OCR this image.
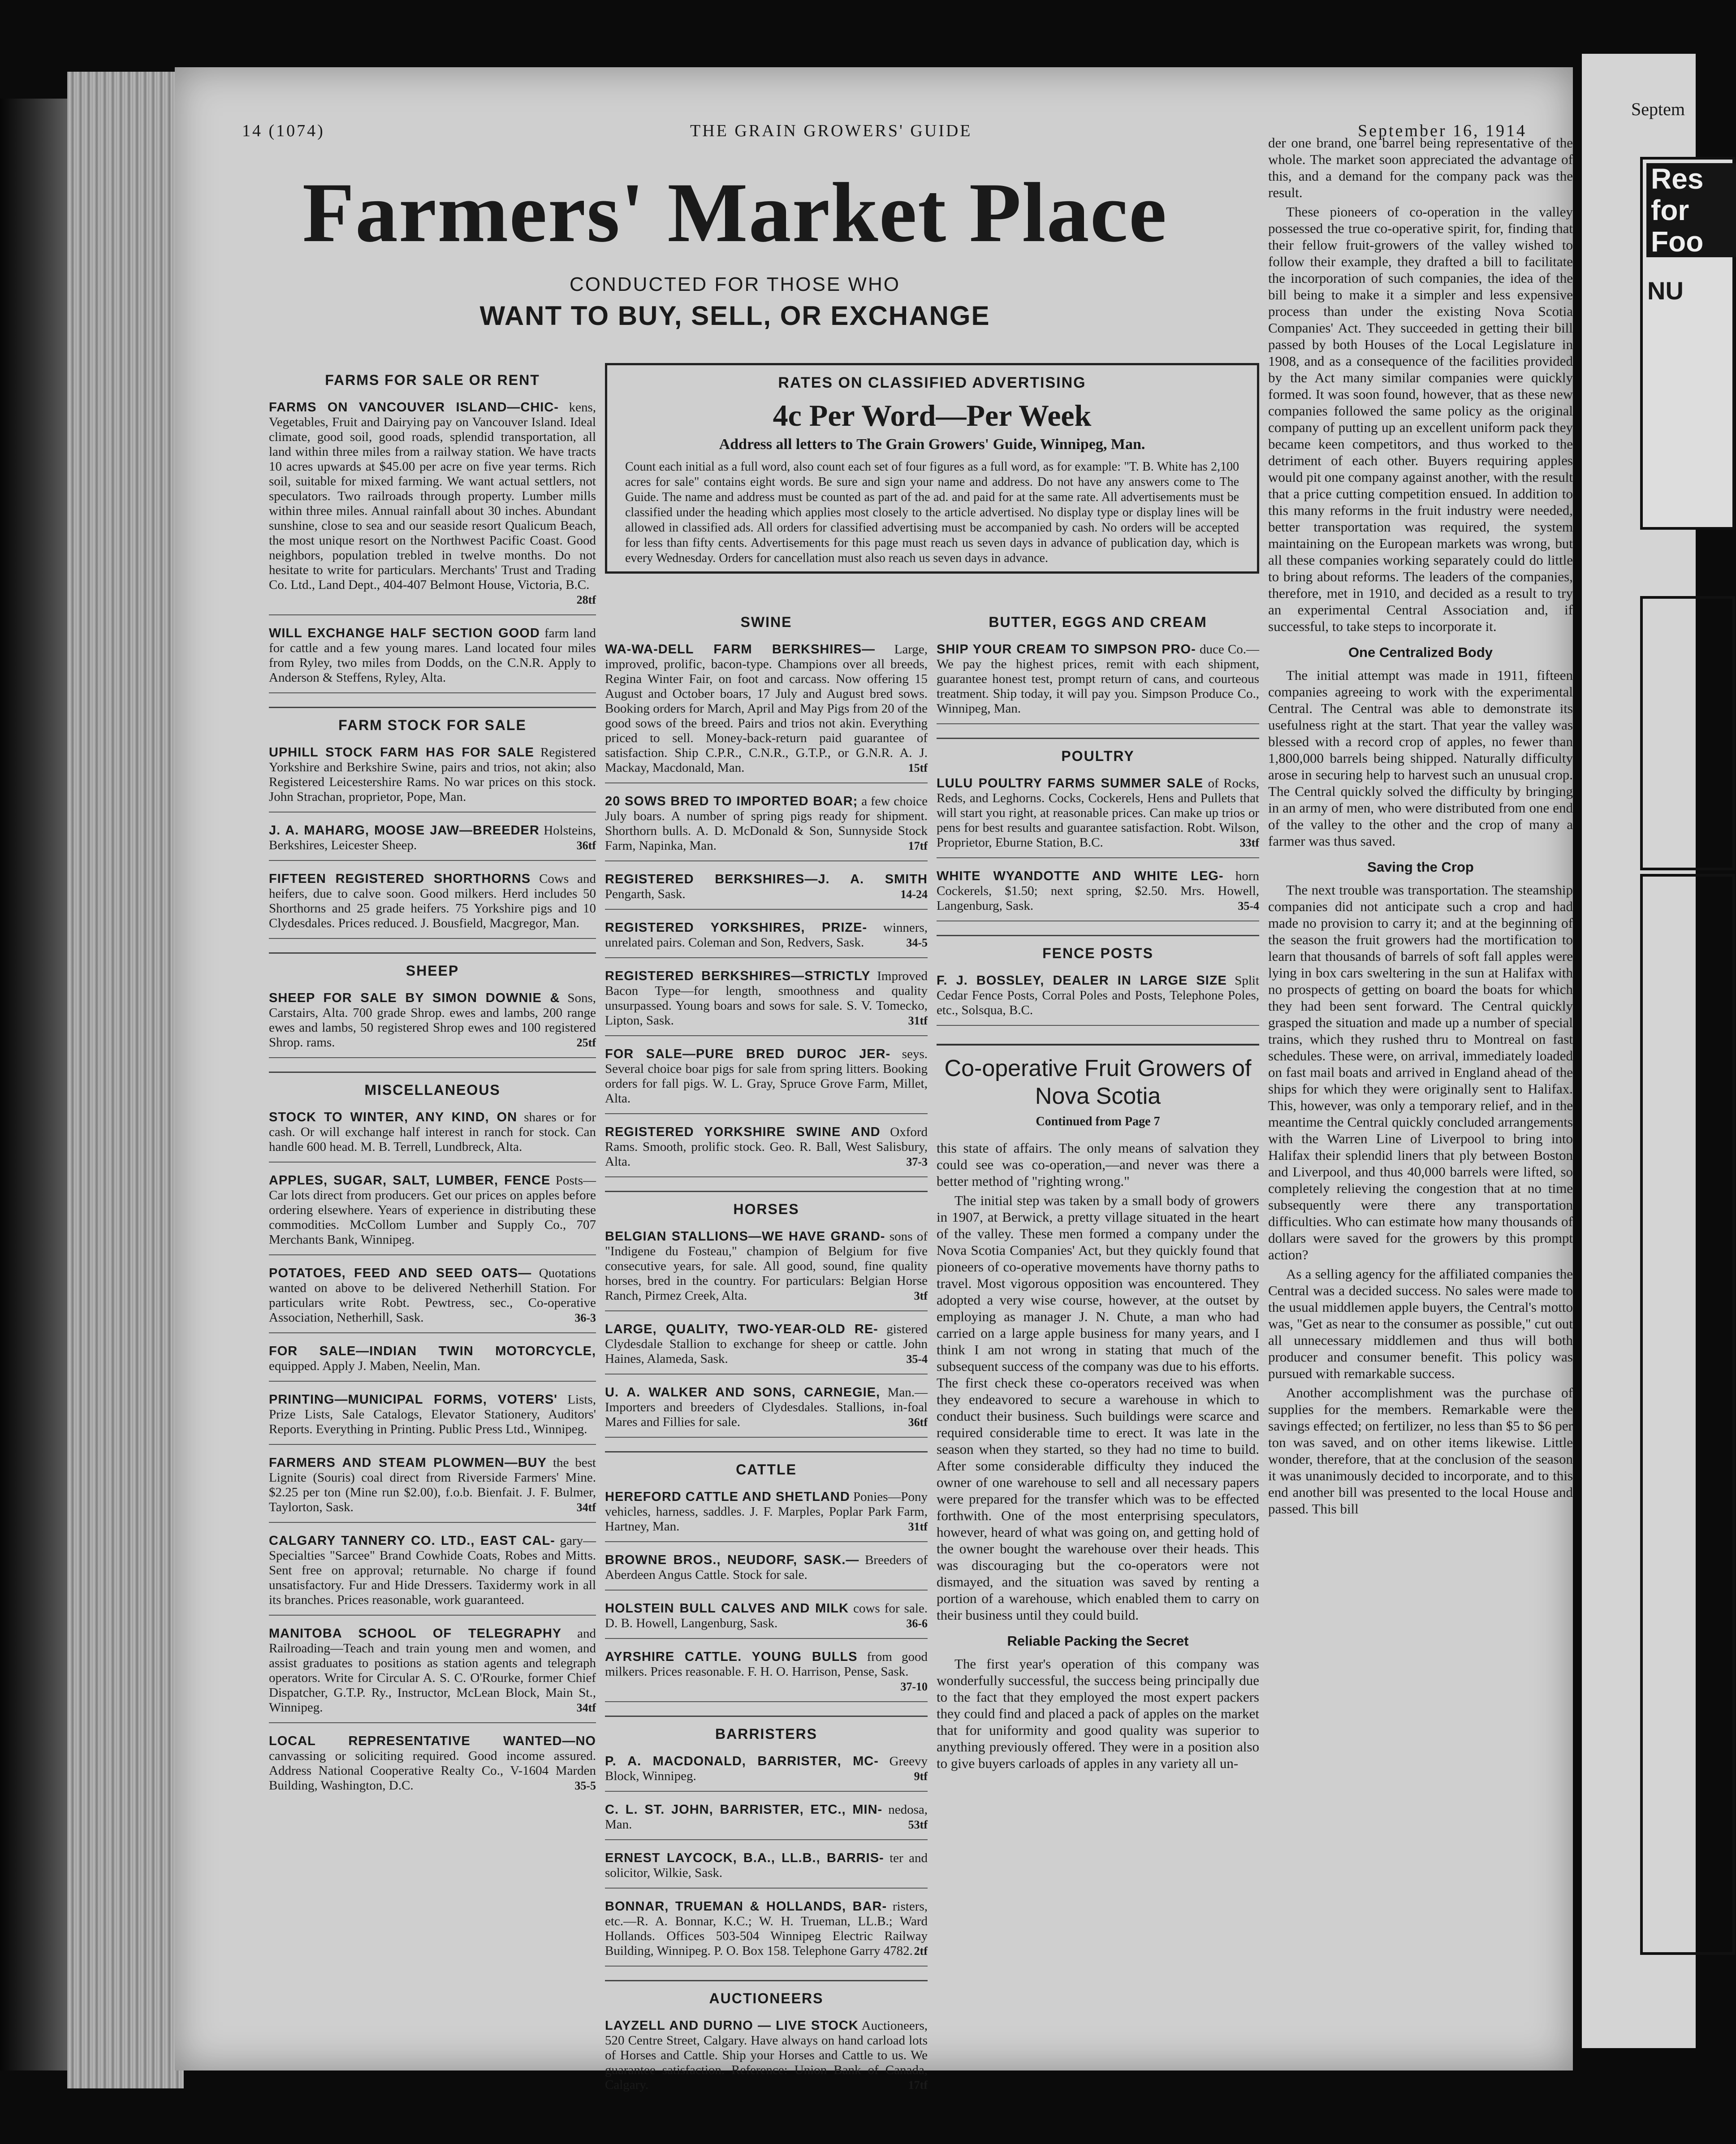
Septem
Res
for
Foo
NU
14 (1074)	THE GRAIN GROWERS' GUIDE	September 16, 1914
Farmers' Market Place
CONDUCTED FOR THOSE WHO
WANT TO BUY, SELL, OR EXCHANGE
RATES ON CLASSIFIED ADVERTISING
4c Per Word—Per Week
Address all letters to The Grain Growers' Guide, Winnipeg, Man.
Count each initial as a full word, also count each set of four figures as a full word, as for example: "T. B. White has 2,100 acres for sale" contains eight words. Be sure and sign your name and address. Do not have any answers come to The Guide. The name and address must be counted as part of the ad. and paid for at the same rate. All advertisements must be classified under the heading which applies most closely to the article advertised. No display type or display lines will be allowed in classified ads. All orders for classified advertising must be accompanied by cash. No orders will be accepted for less than fifty cents. Advertisements for this page must reach us seven days in advance of publication day, which is every Wednesday. Orders for cancellation must also reach us seven days in advance.
FARMS FOR SALE OR RENT
FARMS ON VANCOUVER ISLAND—CHIC- kens, Vegetables, Fruit and Dairying pay on Vancouver Island. Ideal climate, good soil, good roads, splendid transportation, all land within three miles from a railway station. We have tracts 10 acres upwards at $45.00 per acre on five year terms. Rich soil, suitable for mixed farming. We want actual settlers, not speculators. Two railroads through property. Lumber mills within three miles. Annual rainfall about 30 inches. Abundant sunshine, close to sea and our seaside resort Qualicum Beach, the most unique resort on the Northwest Pacific Coast. Good neighbors, population trebled in twelve months. Do not hesitate to write for particulars. Merchants' Trust and Trading Co. Ltd., Land Dept., 404-407 Belmont House, Victoria, B.C.
28tf
WILL EXCHANGE HALF SECTION GOOD farm land for cattle and a few young mares. Land located four miles from Ryley, two miles from Dodds, on the C.N.R. Apply to Anderson & Steffens, Ryley, Alta.
FARM STOCK FOR SALE
UPHILL STOCK FARM HAS FOR SALE Registered Yorkshire and Berkshire Swine, pairs and trios, not akin; also Registered Leicestershire Rams. No war prices on this stock. John Strachan, proprietor, Pope, Man.
J. A. MAHARG, MOOSE JAW—BREEDER Holsteins, Berkshires, Leicester Sheep.	36tf
FIFTEEN REGISTERED SHORTHORNS Cows and heifers, due to calve soon. Good milkers. Herd includes 50 Shorthorns and 25 grade heifers. 75 Yorkshire pigs and 10 Clydesdales. Prices reduced. J. Bousfield, Macgregor, Man.
SHEEP
SHEEP FOR SALE BY SIMON DOWNIE & Sons, Carstairs, Alta. 700 grade Shrop. ewes and lambs, 200 range ewes and lambs, 50 registered Shrop ewes and 100 registered Shrop. rams.	25tf
MISCELLANEOUS
STOCK TO WINTER, ANY KIND, ON shares or for cash. Or will exchange half interest in ranch for stock. Can handle 600 head. M. B. Terrell, Lundbreck, Alta.
APPLES, SUGAR, SALT, LUMBER, FENCE Posts—Car lots direct from producers. Get our prices on apples before ordering elsewhere. Years of experience in distributing these commodities. McCollom Lumber and Supply Co., 707 Merchants Bank, Winnipeg.
POTATOES, FEED AND SEED OATS— Quotations wanted on above to be delivered Netherhill Station. For particulars write Robt. Pewtress, sec., Co-operative Association, Netherhill, Sask.	36-3
FOR SALE—INDIAN TWIN MOTORCYCLE, equipped. Apply J. Maben, Neelin, Man.
PRINTING—MUNICIPAL FORMS, VOTERS' Lists, Prize Lists, Sale Catalogs, Elevator Stationery, Auditors' Reports. Everything in Printing. Public Press Ltd., Winnipeg.
FARMERS AND STEAM PLOWMEN—BUY the best Lignite (Souris) coal direct from Riverside Farmers' Mine. $2.25 per ton (Mine run $2.00), f.o.b. Bienfait. J. F. Bulmer, Taylorton, Sask.	34tf
CALGARY TANNERY CO. LTD., EAST CAL- gary—Specialties "Sarcee" Brand Cowhide Coats, Robes and Mitts. Sent free on approval; returnable. No charge if found unsatisfactory. Fur and Hide Dressers. Taxidermy work in all its branches. Prices reasonable, work guaranteed.
MANITOBA SCHOOL OF TELEGRAPHY and Railroading—Teach and train young men and women, and assist graduates to positions as station agents and telegraph operators. Write for Circular A. S. C. O'Rourke, former Chief Dispatcher, G.T.P. Ry., Instructor, McLean Block, Main St., Winnipeg.	34tf
LOCAL REPRESENTATIVE WANTED—NO canvassing or soliciting required. Good income assured. Address National Cooperative Realty Co., V-1604 Marden Building, Washington, D.C.	35-5
SWINE
WA-WA-DELL FARM BERKSHIRES— Large, improved, prolific, bacon-type. Champions over all breeds, Regina Winter Fair, on foot and carcass. Now offering 15 August and October boars, 17 July and August bred sows. Booking orders for March, April and May Pigs from 20 of the good sows of the breed. Pairs and trios not akin. Everything priced to sell. Money-back-return paid guarantee of satisfaction. Ship C.P.R., C.N.R., G.T.P., or G.N.R. A. J. Mackay, Macdonald, Man.	15tf
20 SOWS BRED TO IMPORTED BOAR; a few choice July boars. A number of spring pigs ready for shipment. Shorthorn bulls. A. D. McDonald & Son, Sunnyside Stock Farm, Napinka, Man.	17tf
REGISTERED BERKSHIRES—J. A. SMITH Pengarth, Sask.	14-24
REGISTERED YORKSHIRES, PRIZE- winners, unrelated pairs. Coleman and Son, Redvers, Sask.	34-5
REGISTERED BERKSHIRES—STRICTLY Improved Bacon Type—for length, smoothness and quality unsurpassed. Young boars and sows for sale. S. V. Tomecko, Lipton, Sask.	31tf
FOR SALE—PURE BRED DUROC JER- seys. Several choice boar pigs for sale from spring litters. Booking orders for fall pigs. W. L. Gray, Spruce Grove Farm, Millet, Alta.
REGISTERED YORKSHIRE SWINE AND Oxford Rams. Smooth, prolific stock. Geo. R. Ball, West Salisbury, Alta.	37-3
HORSES
BELGIAN STALLIONS—WE HAVE GRAND- sons of "Indigene du Fosteau," champion of Belgium for five consecutive years, for sale. All good, sound, fine quality horses, bred in the country. For particulars: Belgian Horse Ranch, Pirmez Creek, Alta.	3tf
LARGE, QUALITY, TWO-YEAR-OLD RE- gistered Clydesdale Stallion to exchange for sheep or cattle. John Haines, Alameda, Sask.	35-4
U. A. WALKER AND SONS, CARNEGIE, Man.—Importers and breeders of Clydesdales. Stallions, in-foal Mares and Fillies for sale.	36tf
CATTLE
HEREFORD CATTLE AND SHETLAND Ponies—Pony vehicles, harness, saddles. J. F. Marples, Poplar Park Farm, Hartney, Man.	31tf
BROWNE BROS., NEUDORF, SASK.— Breeders of Aberdeen Angus Cattle. Stock for sale.
HOLSTEIN BULL CALVES AND MILK cows for sale. D. B. Howell, Langenburg, Sask.	36-6
AYRSHIRE CATTLE. YOUNG BULLS from good milkers. Prices reasonable. F. H. O. Harrison, Pense, Sask.
37-10
BARRISTERS
P. A. MACDONALD, BARRISTER, MC- Greevy Block, Winnipeg.	9tf
C. L. ST. JOHN, BARRISTER, ETC., MIN- nedosa, Man.	53tf
ERNEST LAYCOCK, B.A., LL.B., BARRIS- ter and solicitor, Wilkie, Sask.
BONNAR, TRUEMAN & HOLLANDS, BAR- risters, etc.—R. A. Bonnar, K.C.; W. H. Trueman, LL.B.; Ward Hollands. Offices 503-504 Winnipeg Electric Railway Building, Winnipeg. P. O. Box 158. Telephone Garry 4782. 2tf
AUCTIONEERS
LAYZELL AND DURNO — LIVE STOCK Auctioneers, 520 Centre Street, Calgary. Have always on hand carload lots of Horses and Cattle. Ship your Horses and Cattle to us. We guarantee satisfaction. Reference: Union Bank of Canada, Calgary.	17tf
BUTTER, EGGS AND CREAM
SHIP YOUR CREAM TO SIMPSON PRO- duce Co.—We pay the highest prices, remit with each shipment, guarantee honest test, prompt return of cans, and courteous treatment. Ship today, it will pay you. Simpson Produce Co., Winnipeg, Man.
POULTRY
LULU POULTRY FARMS SUMMER SALE of Rocks, Reds, and Leghorns. Cocks, Cockerels, Hens and Pullets that will start you right, at reasonable prices. Can make up trios or pens for best results and guarantee satisfaction. Robt. Wilson, Proprietor, Eburne Station, B.C.	33tf
WHITE WYANDOTTE AND WHITE LEG- horn Cockerels, $1.50; next spring, $2.50. Mrs. Howell, Langenburg, Sask.	35-4
FENCE POSTS
F. J. BOSSLEY, DEALER IN LARGE SIZE Split Cedar Fence Posts, Corral Poles and Posts, Telephone Poles, etc., Solsqua, B.C.
Co-operative Fruit Growers of Nova Scotia
Continued from Page 7

this state of affairs. The only means of salvation they could see was co-operation,—and never was there a better method of "righting wrong."

The initial step was taken by a small body of growers in 1907, at Berwick, a pretty village situated in the heart of the valley. These men formed a company under the Nova Scotia Companies' Act, but they quickly found that pioneers of co-operative movements have thorny paths to travel. Most vigorous opposition was encountered. They adopted a very wise course, however, at the outset by employing as manager J. N. Chute, a man who had carried on a large apple business for many years, and I think I am not wrong in stating that much of the subsequent success of the company was due to his efforts. The first check these co-operators received was when they endeavored to secure a warehouse in which to conduct their business. Such buildings were scarce and required considerable time to erect. It was late in the season when they started, so they had no time to build. After some considerable difficulty they induced the owner of one warehouse to sell and all necessary papers were prepared for the transfer which was to be effected forthwith. One of the most enterprising speculators, however, heard of what was going on, and getting hold of the owner bought the warehouse over their heads. This was discouraging but the co-operators were not dismayed, and the situation was saved by renting a portion of a warehouse, which enabled them to carry on their business until they could build.

Reliable Packing the Secret

The first year's operation of this company was wonderfully successful, the success being principally due to the fact that they employed the most expert packers they could find and placed a pack of apples on the market that for uniformity and good quality was superior to anything previously offered. They were in a position also to give buyers carloads of apples in any variety all un-

der one brand, one barrel being representative of the whole. The market soon appreciated the advantage of this, and a demand for the company pack was the result.

These pioneers of co-operation in the valley possessed the true co-operative spirit, for, finding that their fellow fruit-growers of the valley wished to follow their example, they drafted a bill to facilitate the incorporation of such companies, the idea of the bill being to make it a simpler and less expensive process than under the existing Nova Scotia Companies' Act. They succeeded in getting their bill passed by both Houses of the Local Legislature in 1908, and as a consequence of the facilities provided by the Act many similar companies were quickly formed. It was soon found, however, that as these new companies followed the same policy as the original company of putting up an excellent uniform pack they became keen competitors, and thus worked to the detriment of each other. Buyers requiring apples would pit one company against another, with the result that a price cutting competition ensued. In addition to this many reforms in the fruit industry were needed, better transportation was required, the system maintaining on the European markets was wrong, but all these companies working separately could do little to bring about reforms. The leaders of the companies, therefore, met in 1910, and decided as a result to try an experimental Central Association and, if successful, to take steps to incorporate it.

One Centralized Body

The initial attempt was made in 1911, fifteen companies agreeing to work with the experimental Central. The Central was able to demonstrate its usefulness right at the start. That year the valley was blessed with a record crop of apples, no fewer than 1,800,000 barrels being shipped. Naturally difficulty arose in securing help to harvest such an unusual crop. The Central quickly solved the difficulty by bringing in an army of men, who were distributed from one end of the valley to the other and the crop of many a farmer was thus saved.

Saving the Crop

The next trouble was transportation. The steamship companies did not anticipate such a crop and had made no provision to carry it; and at the beginning of the season the fruit growers had the mortification to learn that thousands of barrels of soft fall apples were lying in box cars sweltering in the sun at Halifax with no prospects of getting on board the boats for which they had been sent forward. The Central quickly grasped the situation and made up a number of special trains, which they rushed thru to Montreal on fast schedules. These were, on arrival, immediately loaded on fast mail boats and arrived in England ahead of the ships for which they were originally sent to Halifax. This, however, was only a temporary relief, and in the meantime the Central quickly concluded arrangements with the Warren Line of Liverpool to bring into Halifax their splendid liners that ply between Boston and Liverpool, and thus 40,000 barrels were lifted, so completely relieving the congestion that at no time subsequently were there any transportation difficulties. Who can estimate how many thousands of dollars were saved for the growers by this prompt action?

As a selling agency for the affiliated companies the Central was a decided success. No sales were made to the usual middlemen apple buyers, the Central's motto was, "Get as near to the consumer as possible," cut out all unnecessary middlemen and thus will both producer and consumer benefit. This policy was pursued with remarkable success.

Another accomplishment was the purchase of supplies for the members. Remarkable were the savings effected; on fertilizer, no less than $5 to $6 per ton was saved, and on other items likewise. Little wonder, therefore, that at the conclusion of the season it was unanimously decided to incorporate, and to this end another bill was presented to the local House and passed. This bill
